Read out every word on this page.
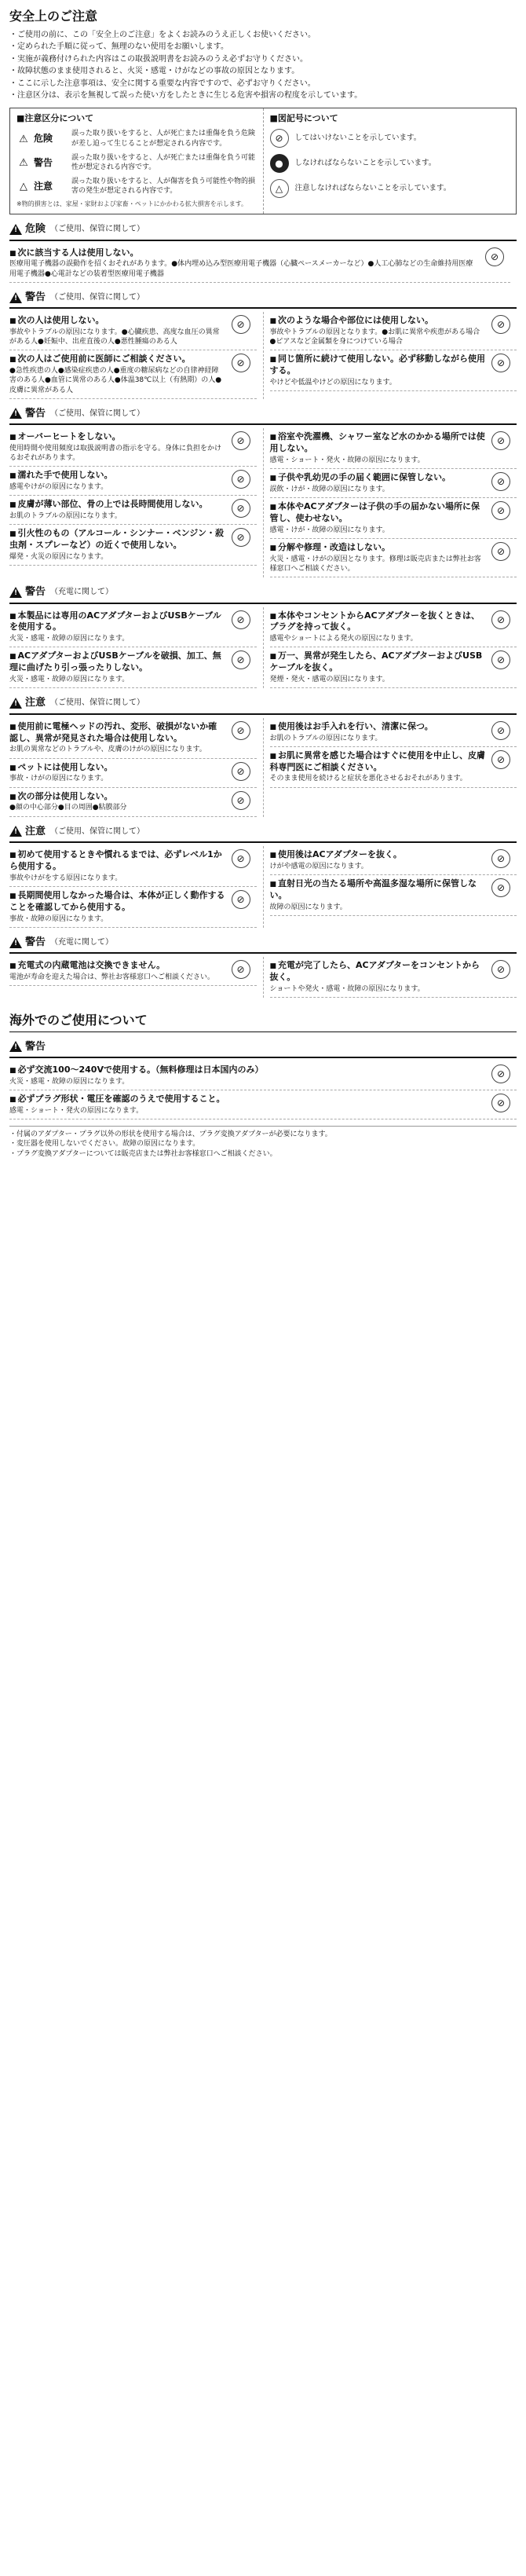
安全上のご注意
・ ご使用の前に、この「安全上のご注意」をよくお読みのうえ正しくお使いください。
・ 定められた手順に従って、無理のない使用をお願いします。
・ 実施が義務付けられた内容はこの取扱説明書をお読みのうえ必ずお守りください。
・ 故障状態のまま使用されると、火災・感電・けがなどの事故の原因となります。
・ ここに示した注意事項は、安全に関する重要な内容ですので、必ずお守りください。
・ 注意区分は、表示を無視して誤った使い方をしたときに生じる危害や損害の程度を示しています。
■注意区分について
⚠ 危険	誤った取り扱いをすると、人が死亡または重傷を負う危険が差し迫って生じることが想定される内容です。
⚠ 警告	誤った取り扱いをすると、人が死亡または重傷を負う可能性が想定される内容です。
△ 注意	誤った取り扱いをすると、人が傷害を負う可能性や物的損害の発生が想定される内容です。
※物的損害とは、家屋・家財および家畜・ペットにかかわる拡大損害を示します。
■図記号について
⊘	してはいけないことを示しています。
●	しなければならないことを示しています。
△	注意しなければならないことを示しています。
!
危険 （ご使用、保管に関して）
■ 次に該当する人は使用しない。
医療用電子機器の誤動作を招くおそれがあります。●体内埋め込み型医療用電子機器（心臓ペースメーカーなど）●人工心肺などの生命維持用医療用電子機器●心電計などの装着型医療用電子機器
⊘
!
警告 （ご使用、保管に関して）
■ 次の人は使用しない。
事故やトラブルの原因になります。●心臓疾患、高度な血圧の異常がある人●妊娠中、出産直後の人●悪性腫瘍のある人
⊘
■ 次の人はご使用前に医師にご相談ください。
●急性疾患の人●感染症疾患の人●重度の糖尿病などの自律神経障害のある人●血管に異常のある人●体温38℃以上（有熱期）の人●皮膚に異常がある人
⊘
■ 次のような場合や部位には使用しない。
事故やトラブルの原因となります。●お肌に異常や疾患がある場合●ピアスなど金属類を身につけている場合
⊘
■ 同じ箇所に続けて使用しない。必ず移動しながら使用する。
やけどや低温やけどの原因になります。
⊘
!
警告 （ご使用、保管に関して）
■ オーバーヒートをしない。
使用時間や使用頻度は取扱説明書の指示を守る。身体に負担をかけるおそれがあります。
⊘
■ 濡れた手で使用しない。
感電やけがの原因になります。
⊘
■ 皮膚が薄い部位、骨の上では長時間使用しない。
お肌のトラブルの原因になります。
⊘
■ 引火性のもの（アルコール・シンナー・ベンジン・殺虫剤・スプレーなど）の近くで使用しない。
爆発・火災の原因になります。
⊘
■ 浴室や洗濯機、シャワー室など水のかかる場所では使用しない。
感電・ショート・発火・故障の原因になります。
⊘
■ 子供や乳幼児の手の届く範囲に保管しない。
誤飲・けが・故障の原因になります。
⊘
■ 本体やACアダプターは子供の手の届かない場所に保管し、使わせない。
感電・けが・故障の原因になります。
⊘
■ 分解や修理・改造はしない。
火災・感電・けがの原因となります。修理は販売店または弊社お客様窓口へご相談ください。
⊘
!
警告 （充電に関して）
■ 本製品には専用のACアダプターおよびUSBケーブルを使用する。
火災・感電・故障の原因になります。
⊘
■ ACアダプターおよびUSBケーブルを破損、加工、無理に曲げたり引っ張ったりしない。
火災・感電・故障の原因になります。
⊘
■ 本体やコンセントからACアダプターを抜くときは、プラグを持って抜く。
感電やショートによる発火の原因になります。
⊘
■ 万一、異常が発生したら、ACアダプターおよびUSBケーブルを抜く。
発煙・発火・感電の原因になります。
⊘
!
注意 （ご使用、保管に関して）
■ 使用前に電極ヘッドの汚れ、変形、破損がないか確認し、異常が発見された場合は使用しない。
お肌の異常などのトラブルや、皮膚のけがの原因になります。
⊘
■ ペットには使用しない。
事故・けがの原因になります。
⊘
■ 次の部分は使用しない。
●顔の中心部分●目の周囲●粘膜部分
⊘
■ 使用後はお手入れを行い、清潔に保つ。
お肌のトラブルの原因になります。
⊘
■ お肌に異常を感じた場合はすぐに使用を中止し、皮膚科専門医にご相談ください。
そのまま使用を続けると症状を悪化させるおそれがあります。
⊘
!
注意 （ご使用、保管に関して）
■ 初めて使用するときや慣れるまでは、必ずレベル1から使用する。
事故やけがをする原因になります。
⊘
■ 長期間使用しなかった場合は、本体が正しく動作することを確認してから使用する。
事故・故障の原因になります。
⊘
■ 使用後はACアダプターを抜く。
けがや感電の原因になります。
⊘
■ 直射日光の当たる場所や高温多湿な場所に保管しない。
故障の原因になります。
⊘
!
警告 （充電に関して）
■ 充電式の内蔵電池は交換できません。
電池が寿命を迎えた場合は、弊社お客様窓口へご相談ください。
⊘
■	充電が完了したら、ACアダプターをコンセントから抜く。
ショートや発火・感電・故障の原因になります。
⊘
海外でのご使用について
!
警告
■ 必ず交流100～240Vで使用する。（無料修理は日本国内のみ）
火災・感電・故障の原因になります。
⊘
■ 必ずプラグ形状・電圧を確認のうえで使用すること。
感電・ショート・発火の原因になります。
⊘
・ 付属のアダプター・プラグ以外の形状を使用する場合は、プラグ変換アダプターが必要になります。
・ 変圧器を使用しないでください。故障の原因になります。
・ プラグ変換アダプターについては販売店または弊社お客様窓口へご相談ください。
